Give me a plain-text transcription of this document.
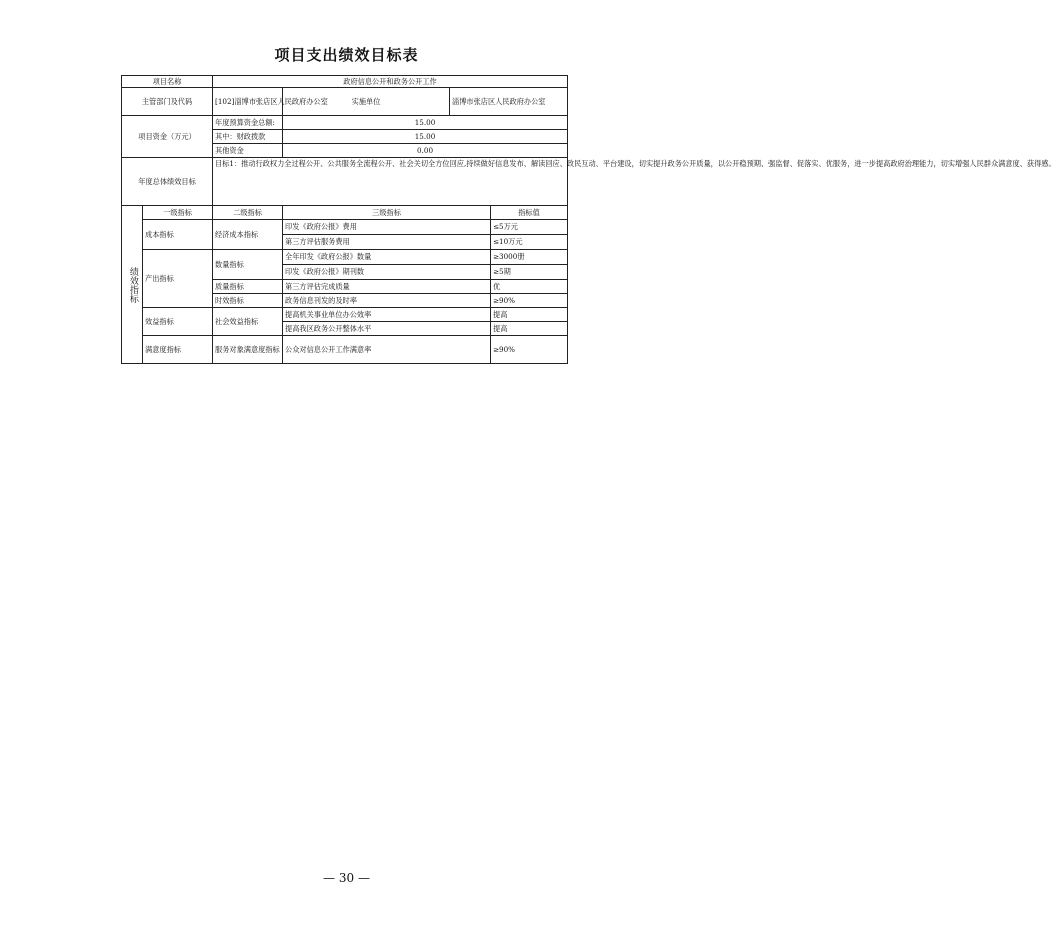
项目支出绩效目标表
项目名称		政府信息公开和政务公开工作			
主管部门及代码		[102]淄博市张店区人民政府办公室	实施单位	淄博市张店区人民政府办公室	
项目资金（万元）		年度预算资金总额:	15.00		
		其中：财政拨款	15.00		
		其他资金	0.00		
年度总体绩效目标		目标1：推动行政权力全过程公开、公共服务全流程公开、社会关切全方位回应,持续做好信息发布、解读回应、政民互动、平台建设，切实提升政务公开质量，以公开稳预期、强监督、促落实、优服务，进一步提高政府治理能力，切实增强人民群众满意度、获得感。			

绩效指标	一级指标	二级指标	三级指标		指标值
	成本指标	经济成本指标	印发《政府公报》费用		≤5万元
			第三方评估服务费用		≤10万元
	产出指标	数量指标	全年印发《政府公报》数量		≥3000册
			印发《政府公报》期刊数		≥5期
		质量指标	第三方评估完成质量		优
		时效指标	政务信息刊发的及时率		≥90%
	效益指标	社会效益指标	提高机关事业单位办公效率		提高
			提高我区政务公开整体水平		提高
	满意度指标	服务对象满意度指标	公众对信息公开工作满意率		≥90%
— 30 —
